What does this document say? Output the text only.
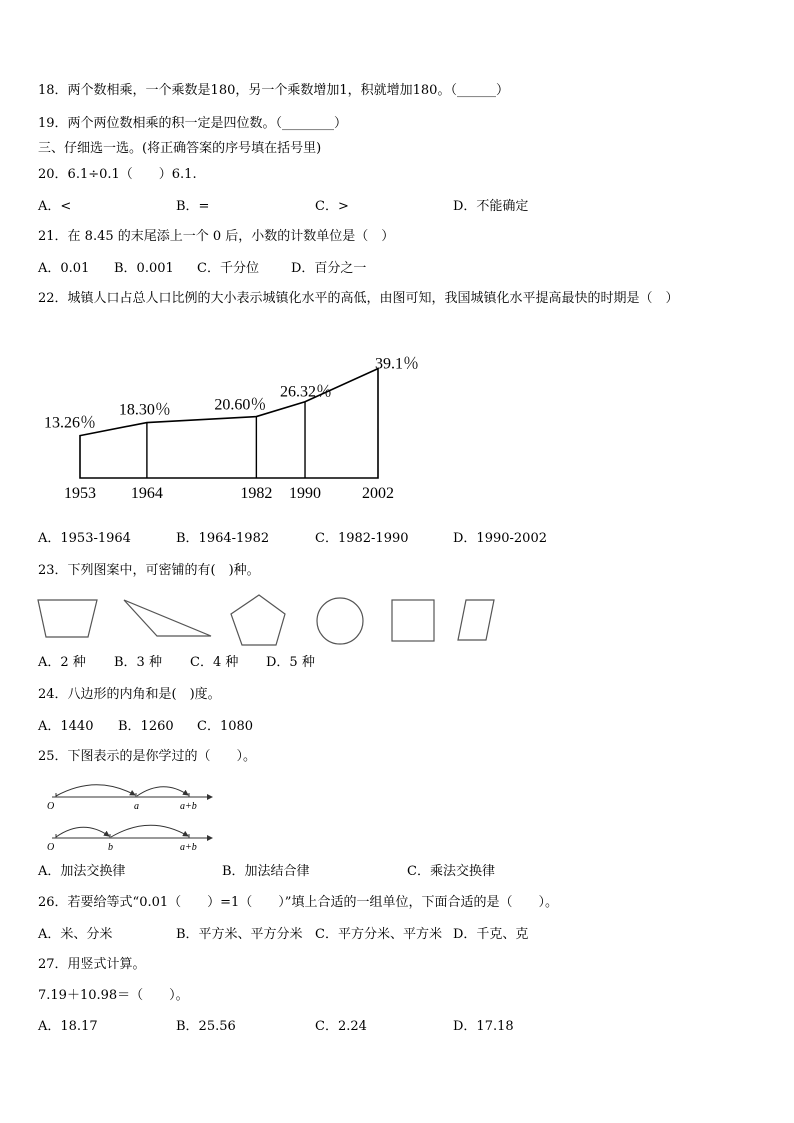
18．两个数相乘，一个乘数是180，另一个乘数增加1，积就增加180。（______）
19．两个两位数相乘的积一定是四位数。（________）
三、仔细选一选。(将正确答案的序号填在括号里)
20．6.1÷0.1（　　）6.1.
A．<	B．=	C．>	D．不能确定
21．在 8.45 的末尾添上一个 0 后，小数的计数单位是（　）
A．0.01 B．0.001 C．千分位 D．百分之一
22．城镇人口占总人口比例的大小表示城镇化水平的高低，由图可知，我国城镇化水平提高最快的时期是（　）
13.26％
18.30％	20.60％
26.32％
39.1％
1953 1964	1982 1990	2002
A．1953-1964	B．1964-1982	C．1982-1990	D．1990-2002
23．下列图案中，可密铺的有(　)种。
A．2 种 B．3 种 C．4 种 D．5 种
24．八边形的内角和是(　)度。
A．1440 B．1260 C．1080
25．下图表示的是你学过的（　　）。
O	a	a+b
O	b	a+b
A．加法交换律	B．加法结合律	C．乘法交换律
26．若要给等式“0.01（　　）=1（　　）”填上合适的一组单位，下面合适的是（　　）。
A．米、分米	B．平方米、平方分米 C．平方分米、平方米 D．千克、克
27．用竖式计算。
7.19＋10.98＝（　　）。
A．18.17	B．25.56	C．2.24	D．17.18
